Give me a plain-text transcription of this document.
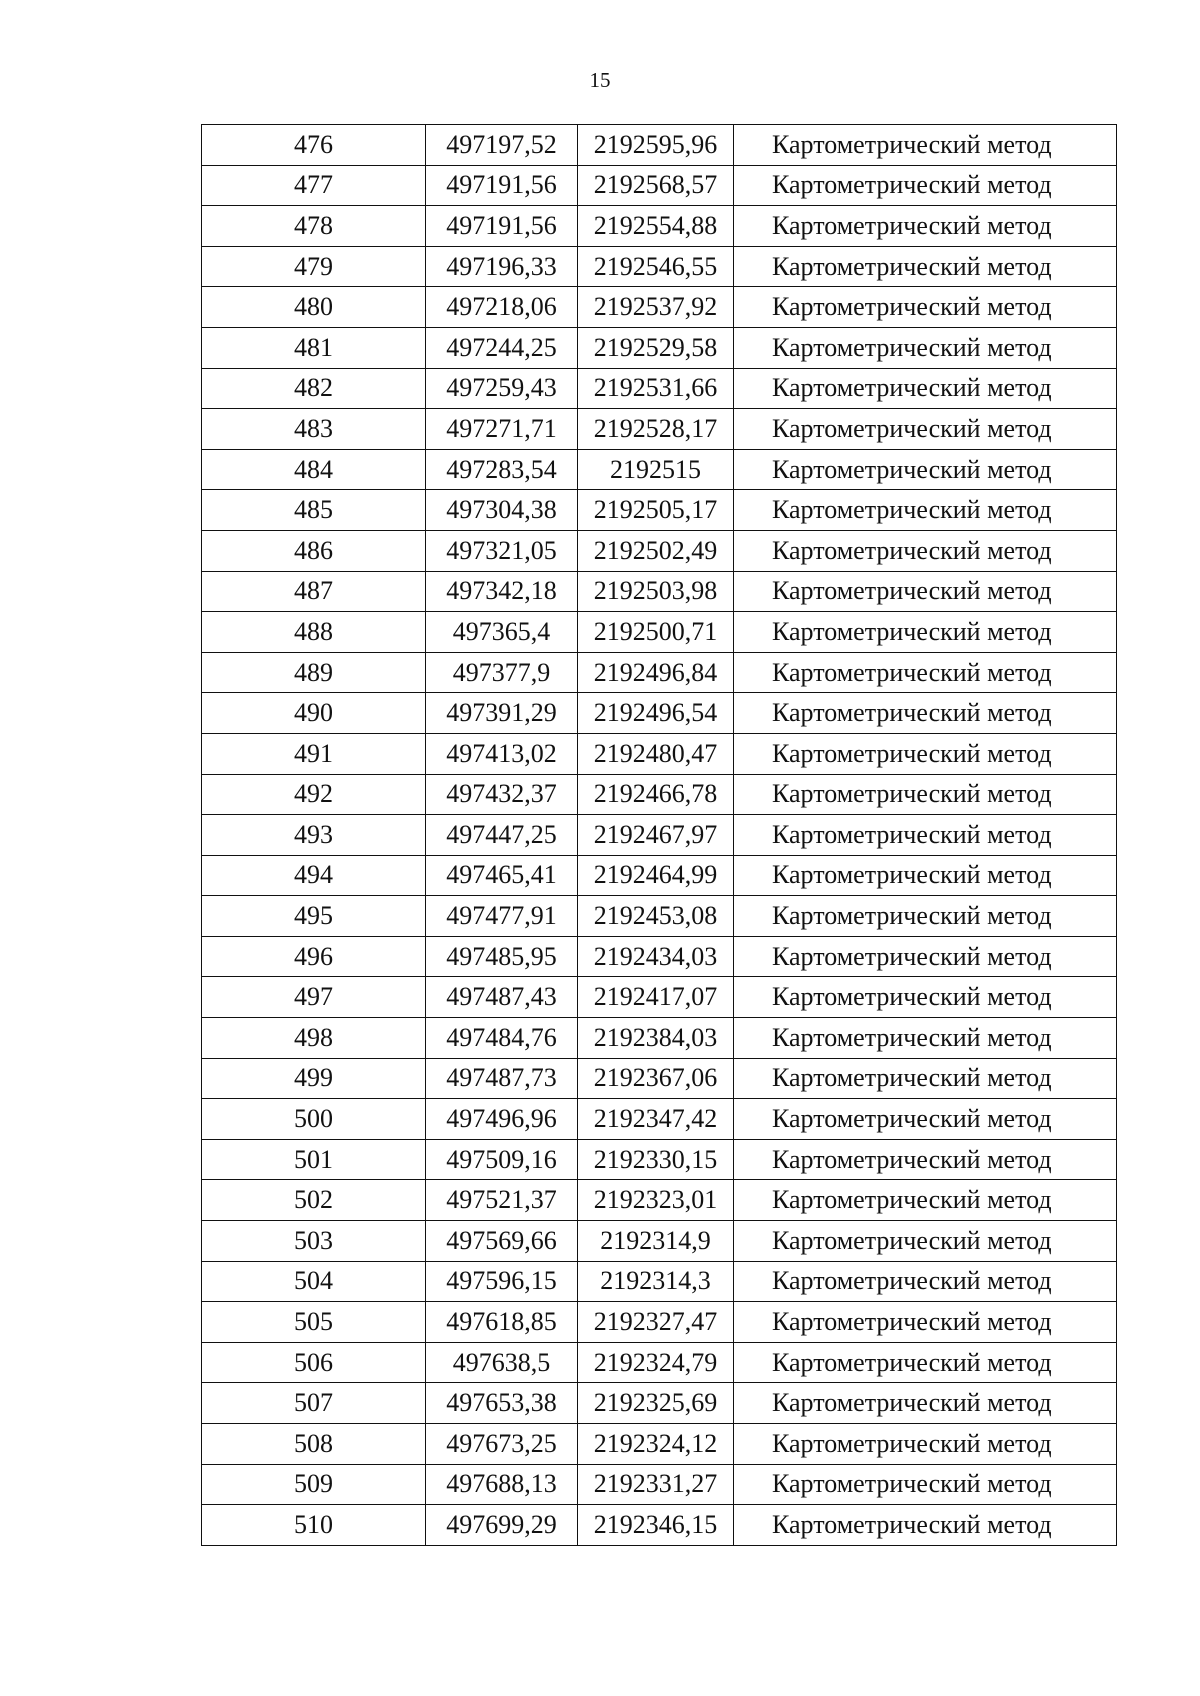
15
476	497197,52	2192595,96	Картометрический метод
477	497191,56	2192568,57	Картометрический метод
478	497191,56	2192554,88	Картометрический метод
479	497196,33	2192546,55	Картометрический метод
480	497218,06	2192537,92	Картометрический метод
481	497244,25	2192529,58	Картометрический метод
482	497259,43	2192531,66	Картометрический метод
483	497271,71	2192528,17	Картометрический метод
484	497283,54	2192515	Картометрический метод
485	497304,38	2192505,17	Картометрический метод
486	497321,05	2192502,49	Картометрический метод
487	497342,18	2192503,98	Картометрический метод
488	497365,4	2192500,71	Картометрический метод
489	497377,9	2192496,84	Картометрический метод
490	497391,29	2192496,54	Картометрический метод
491	497413,02	2192480,47	Картометрический метод
492	497432,37	2192466,78	Картометрический метод
493	497447,25	2192467,97	Картометрический метод
494	497465,41	2192464,99	Картометрический метод
495	497477,91	2192453,08	Картометрический метод
496	497485,95	2192434,03	Картометрический метод
497	497487,43	2192417,07	Картометрический метод
498	497484,76	2192384,03	Картометрический метод
499	497487,73	2192367,06	Картометрический метод
500	497496,96	2192347,42	Картометрический метод
501	497509,16	2192330,15	Картометрический метод
502	497521,37	2192323,01	Картометрический метод
503	497569,66	2192314,9	Картометрический метод
504	497596,15	2192314,3	Картометрический метод
505	497618,85	2192327,47	Картометрический метод
506	497638,5	2192324,79	Картометрический метод
507	497653,38	2192325,69	Картометрический метод
508	497673,25	2192324,12	Картометрический метод
509	497688,13	2192331,27	Картометрический метод
510	497699,29	2192346,15	Картометрический метод
